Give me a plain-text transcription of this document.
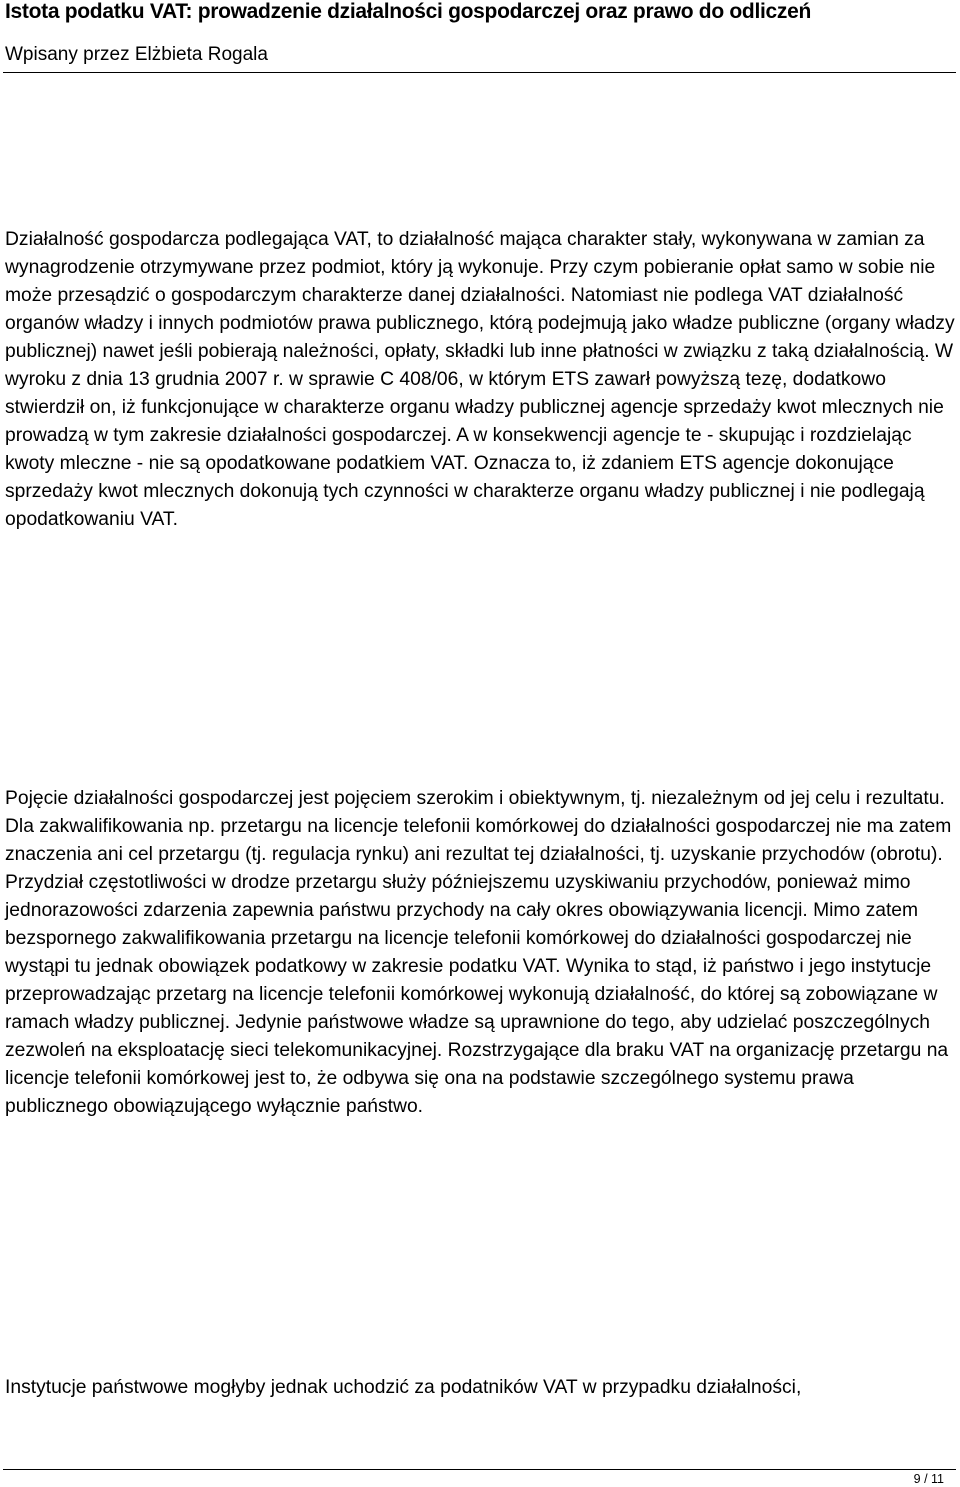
Istota podatku VAT: prowadzenie działalności gospodarczej oraz prawo do odliczeń
Wpisany przez Elżbieta Rogala

Działalność gospodarcza podlegająca VAT, to działalność mająca charakter stały, wykonywana w zamian za wynagrodzenie otrzymywane przez podmiot, który ją wykonuje. Przy czym pobieranie opłat samo w sobie nie może przesądzić o gospodarczym charakterze danej działalności. Natomiast nie podlega VAT działalność organów władzy i innych podmiotów prawa publicznego, którą podejmują jako władze publiczne (organy władzy publicznej) nawet jeśli pobierają należności, opłaty, składki lub inne płatności w związku z taką działalnością. W wyroku z dnia 13 grudnia 2007 r. w sprawie C 408/06, w którym ETS zawarł powyższą tezę, dodatkowo stwierdził on, iż funkcjonujące w charakterze organu władzy publicznej agencje sprzedaży kwot mlecznych nie prowadzą w tym zakresie działalności gospodarczej. A w konsekwencji agencje te - skupując i rozdzielając kwoty mleczne - nie są opodatkowane podatkiem VAT. Oznacza to, iż zdaniem ETS agencje dokonujące sprzedaży kwot mlecznych dokonują tych czynności w charakterze organu władzy publicznej i nie podlegają opodatkowaniu VAT.

Pojęcie działalności gospodarczej jest pojęciem szerokim i obiektywnym, tj. niezależnym od jej celu i rezultatu. Dla zakwalifikowania np. przetargu na licencje telefonii komórkowej do działalności gospodarczej nie ma zatem znaczenia ani cel przetargu (tj. regulacja rynku) ani rezultat tej działalności, tj. uzyskanie przychodów (obrotu). Przydział częstotliwości w drodze przetargu służy późniejszemu uzyskiwaniu przychodów, ponieważ mimo jednorazowości zdarzenia zapewnia państwu przychody na cały okres obowiązywania licencji. Mimo zatem bezspornego zakwalifikowania przetargu na licencje telefonii komórkowej do działalności gospodarczej nie wystąpi tu jednak obowiązek podatkowy w zakresie podatku VAT. Wynika to stąd, iż państwo i jego instytucje przeprowadzając przetarg na licencje telefonii komórkowej wykonują działalność, do której są zobowiązane w ramach władzy publicznej. Jedynie państwowe władze są uprawnione do tego, aby udzielać poszczególnych zezwoleń na eksploatację sieci telekomunikacyjnej. Rozstrzygające dla braku VAT na organizację przetargu na licencje telefonii komórkowej jest to, że odbywa się ona na podstawie szczególnego systemu prawa publicznego obowiązującego wyłącznie państwo.

Instytucje państwowe mogłyby jednak uchodzić za podatników VAT w przypadku działalności,

9 / 11
